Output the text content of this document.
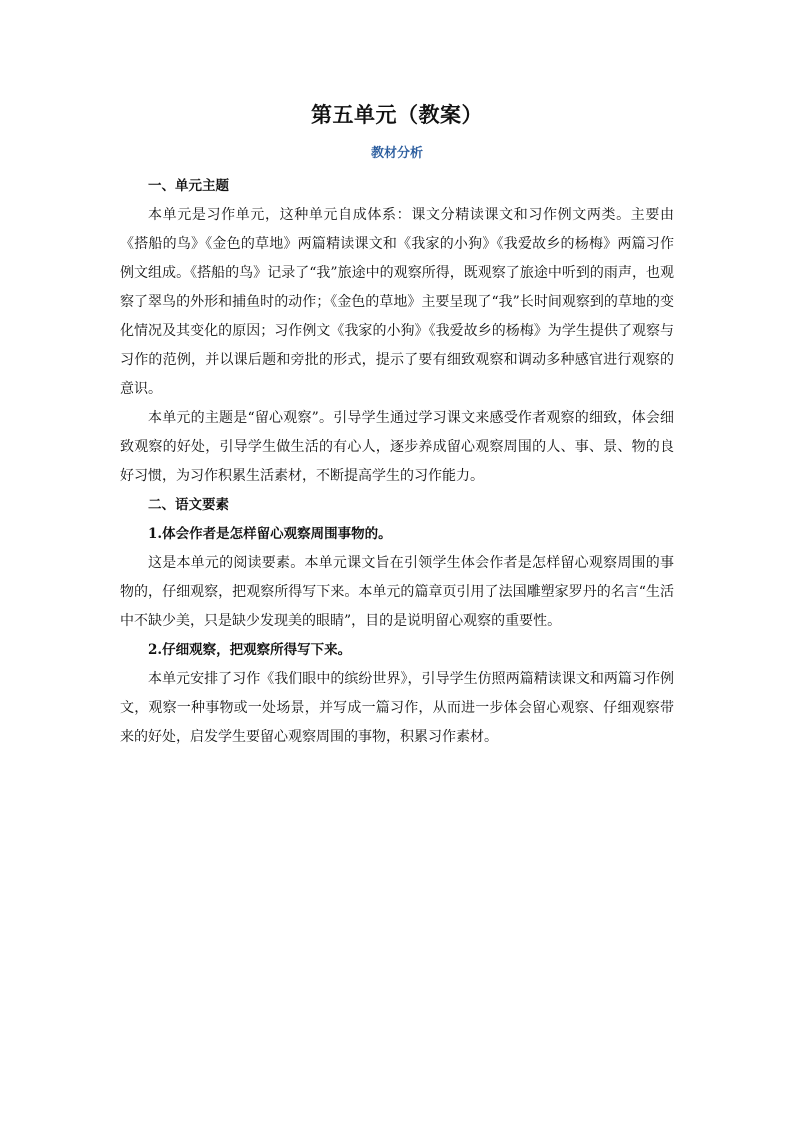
第五单元（教案）
教材分析
一、单元主题

本单元是习作单元，这种单元自成体系：课文分精读课文和习作例文两类。主要由《搭船的鸟》《金色的草地》两篇精读课文和《我家的小狗》《我爱故乡的杨梅》两篇习作例文组成。《搭船的鸟》记录了“我”旅途中的观察所得，既观察了旅途中听到的雨声，也观察了翠鸟的外形和捕鱼时的动作；《金色的草地》主要呈现了“我”长时间观察到的草地的变化情况及其变化的原因；习作例文《我家的小狗》《我爱故乡的杨梅》为学生提供了观察与习作的范例，并以课后题和旁批的形式，提示了要有细致观察和调动多种感官进行观察的意识。

本单元的主题是“留心观察”。引导学生通过学习课文来感受作者观察的细致，体会细致观察的好处，引导学生做生活的有心人，逐步养成留心观察周围的人、事、景、物的良好习惯，为习作积累生活素材，不断提高学生的习作能力。

二、语文要素
1.体会作者是怎样留心观察周围事物的。

这是本单元的阅读要素。本单元课文旨在引领学生体会作者是怎样留心观察周围的事物的，仔细观察，把观察所得写下来。本单元的篇章页引用了法国雕塑家罗丹的名言“生活中不缺少美，只是缺少发现美的眼睛”，目的是说明留心观察的重要性。

2.仔细观察，把观察所得写下来。

本单元安排了习作《我们眼中的缤纷世界》，引导学生仿照两篇精读课文和两篇习作例文，观察一种事物或一处场景，并写成一篇习作，从而进一步体会留心观察、仔细观察带来的好处，启发学生要留心观察周围的事物，积累习作素材。
